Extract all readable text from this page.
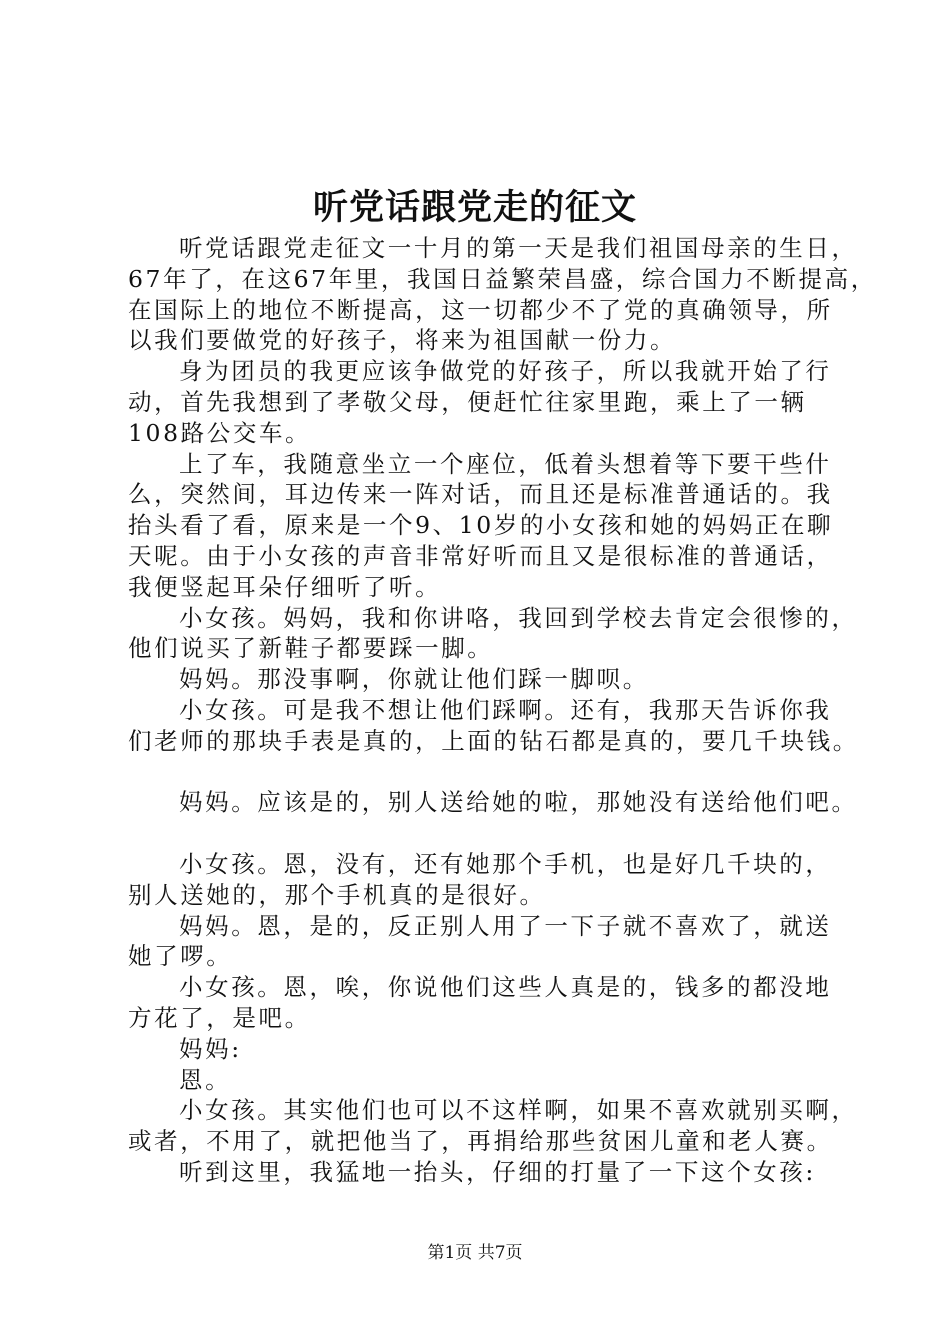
听党话跟党走的征文

听党话跟党走征文一十月的第一天是我们祖国母亲的生日，

67年了，在这67年里，我国日益繁荣昌盛，综合国力不断提高，

在国际上的地位不断提高，这一切都少不了党的真确领导，所

以我们要做党的好孩子，将来为祖国献一份力。

身为团员的我更应该争做党的好孩子，所以我就开始了行

动，首先我想到了孝敬父母，便赶忙往家里跑，乘上了一辆

108路公交车。

上了车，我随意坐立一个座位，低着头想着等下要干些什

么，突然间，耳边传来一阵对话，而且还是标准普通话的。我

抬头看了看，原来是一个9、10岁的小女孩和她的妈妈正在聊

天呢。由于小女孩的声音非常好听而且又是很标准的普通话，

我便竖起耳朵仔细听了听。

小女孩。妈妈，我和你讲咯，我回到学校去肯定会很惨的，

他们说买了新鞋子都要踩一脚。

妈妈。那没事啊，你就让他们踩一脚呗。

小女孩。可是我不想让他们踩啊。还有，我那天告诉你我

们老师的那块手表是真的，上面的钻石都是真的，要几千块钱。

妈妈。应该是的，别人送给她的啦，那她没有送给他们吧。

小女孩。恩，没有，还有她那个手机，也是好几千块的，

别人送她的，那个手机真的是很好。

妈妈。恩，是的，反正别人用了一下子就不喜欢了，就送

她了啰。

小女孩。恩，唉，你说他们这些人真是的，钱多的都没地

方花了，是吧。

妈妈:

恩。

小女孩。其实他们也可以不这样啊，如果不喜欢就别买啊，

或者，不用了，就把他当了，再捐给那些贫困儿童和老人赛。

听到这里，我猛地一抬头，仔细的打量了一下这个女孩:

第1页 共7页
